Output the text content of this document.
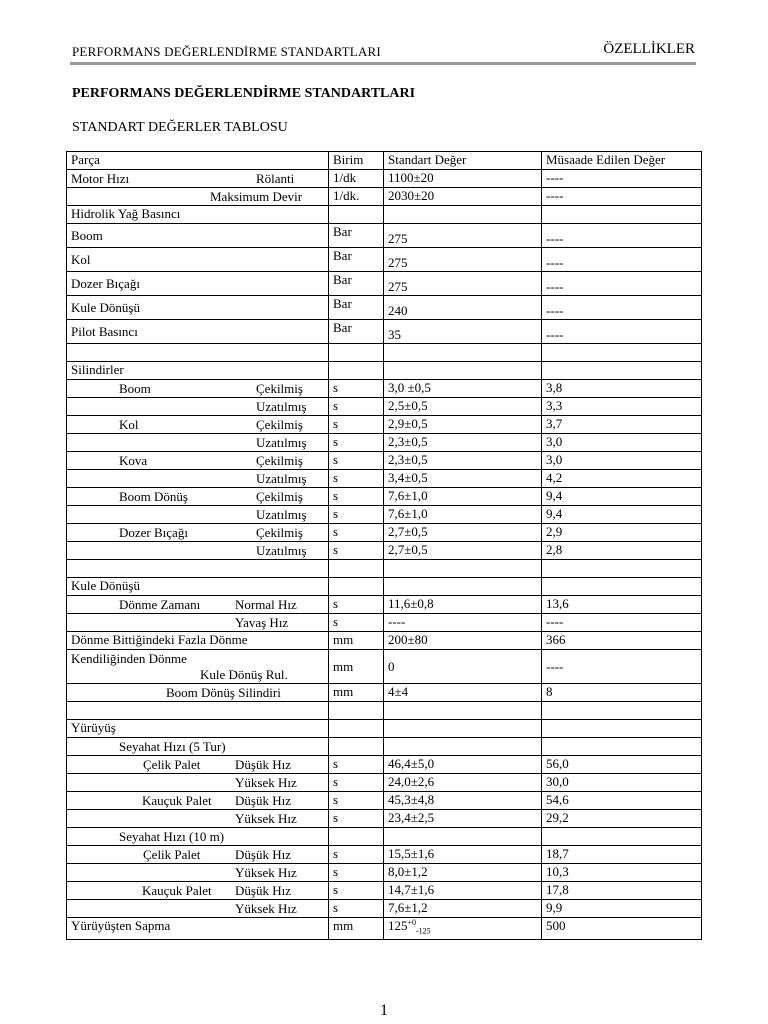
PERFORMANS DEĞERLENDİRME STANDARTLARI	ÖZELLİKLER
PERFORMANS DEĞERLENDİRME STANDARTLARI
STANDART DEĞERLER TABLOSU
Parça	Birim	Standart Değer	Müsaade Edilen Değer

Motor Hızı Rölanti	1/dk	1100±20	----

Maksimum Devir	1/dk.	2030±20	----
Hidrolik Yağ Basıncı			
Boom	Bar	275	----
Kol	Bar	275	----
Dozer Bıçağı	Bar	275	----
Kule Dönüşü	Bar	240	----
Pilot Basıncı	Bar	35	----

Silindirler			

Boom Çekilmiş	s	3,0 ±0,5	3,8

Uzatılmış	s	2,5±0,5	3,3

Kol Çekilmiş	s	2,9±0,5	3,7

Uzatılmış	s	2,3±0,5	3,0

Kova Çekilmiş	s	2,3±0,5	3,0

Uzatılmış	s	3,4±0,5	4,2

Boom Dönüş Çekilmiş	s	7,6±1,0	9,4

Uzatılmış	s	7,6±1,0	9,4

Dozer Bıçağı Çekilmiş	s	2,7±0,5	2,9

Uzatılmış	s	2,7±0,5	2,8

Kule Dönüşü			

Dönme Zamanı Normal Hız	s	11,6±0,8	13,6

Yavaş Hız	s	----	----
Dönme Bittiğindeki Fazla Dönme	mm	200±80	366

Kendiliğinden Dönme
Kule Dönüş Rul.	mm	0	----

Boom Dönüş Silindiri	mm	4±4	8

Yürüyüş			

Seyahat Hızı (5 Tur)			

Çelik Palet Düşük Hız	s	46,4±5,0	56,0

Yüksek Hız	s	24,0±2,6	30,0

Kauçuk Palet Düşük Hız	s	45,3±4,8	54,6

Yüksek Hız	s	23,4±2,5	29,2

Seyahat Hızı (10 m)			

Çelik Palet Düşük Hız	s	15,5±1,6	18,7

Yüksek Hız	s	8,0±1,2	10,3

Kauçuk Palet Düşük Hız	s	14,7±1,6	17,8

Yüksek Hız	s	7,6±1,2	9,9
Yürüyüşten Sapma	mm	$125^{+0}_{-125}$	500
1
